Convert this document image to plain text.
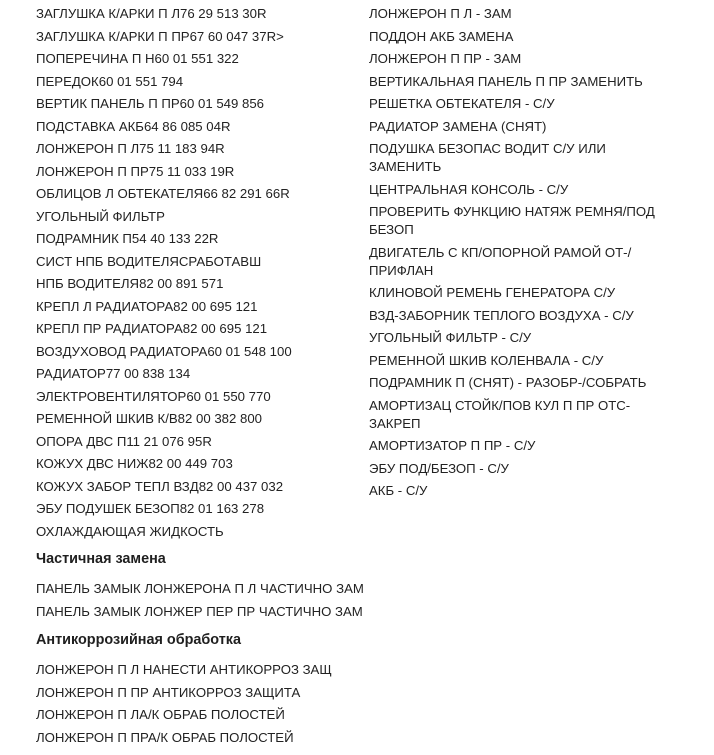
ЗАГЛУШКА К/АРКИ П Л76 29 513 30R
ЗАГЛУШКА К/АРКИ П ПР67 60 047 37R>
ПОПЕРЕЧИНА П Н60 01 551 322
ПЕРЕДОК60 01 551 794
ВЕРТИК ПАНЕЛЬ П ПР60 01 549 856
ПОДСТАВКА АКБ64 86 085 04R
ЛОНЖЕРОН П Л75 11 183 94R
ЛОНЖЕРОН П ПР75 11 033 19R
ОБЛИЦОВ Л ОБТЕКАТЕЛЯ66 82 291 66R
УГОЛЬНЫЙ ФИЛЬТР
ПОДРАМНИК П54 40 133 22R
СИСТ НПБ ВОДИТЕЛЯСРАБОТАВШ
НПБ ВОДИТЕЛЯ82 00 891 571
КРЕПЛ Л РАДИАТОРА82 00 695 121
КРЕПЛ ПР РАДИАТОРА82 00 695 121
ВОЗДУХОВОД РАДИАТОРА60 01 548 100
РАДИАТОР77 00 838 134
ЭЛЕКТРОВЕНТИЛЯТОР60 01 550 770
РЕМЕННОЙ ШКИВ К/В82 00 382 800
ОПОРА ДВС П11 21 076 95R
КОЖУХ ДВС НИЖ82 00 449 703
КОЖУХ ЗАБОР ТЕПЛ ВЗД82 00 437 032
ЭБУ ПОДУШЕК БЕЗОП82 01 163 278
ОХЛАЖДАЮЩАЯ ЖИДКОСТЬ
ЛОНЖЕРОН П Л - ЗАМ
ПОДДОН АКБ ЗАМЕНА
ЛОНЖЕРОН П ПР - ЗАМ
ВЕРТИКАЛЬНАЯ ПАНЕЛЬ П ПР ЗАМЕНИТЬ
РЕШЕТКА ОБТЕКАТЕЛЯ - С/У
РАДИАТОР ЗАМЕНА (СНЯТ)
ПОДУШКА БЕЗОПАС ВОДИТ С/У ИЛИ ЗАМЕНИТЬ
ЦЕНТРАЛЬНАЯ КОНСОЛЬ - С/У
ПРОВЕРИТЬ ФУНКЦИЮ НАТЯЖ РЕМНЯ/ПОД БЕЗОП
ДВИГАТЕЛЬ С КП/ОПОРНОЙ РАМОЙ ОТ-/ПРИФЛАН
КЛИНОВОЙ РЕМЕНЬ ГЕНЕРАТОРА С/У
ВЗД-ЗАБОРНИК ТЕПЛОГО ВОЗДУХА - С/У
УГОЛЬНЫЙ ФИЛЬТР - С/У
РЕМЕННОЙ ШКИВ КОЛЕНВАЛА - С/У
ПОДРАМНИК П (СНЯТ) - РАЗОБР-/СОБРАТЬ
АМОРТИЗАЦ СТОЙК/ПОВ КУЛ П ПР ОТС-ЗАКРЕП
АМОРТИЗАТОР П ПР - С/У
ЭБУ ПОД/БЕЗОП - С/У
АКБ - С/У
Частичная замена
ПАНЕЛЬ ЗАМЫК ЛОНЖЕРОНА П Л ЧАСТИЧНО ЗАМ
ПАНЕЛЬ ЗАМЫК ЛОНЖЕР ПЕР ПР ЧАСТИЧНО ЗАМ
Антикоррозийная обработка
ЛОНЖЕРОН П Л НАНЕСТИ АНТИКОРРОЗ ЗАЩ
ЛОНЖЕРОН П ПР АНТИКОРРОЗ ЗАЩИТА
ЛОНЖЕРОН П ЛА/К ОБРАБ ПОЛОСТЕЙ
ЛОНЖЕРОН П ПРА/К ОБРАБ ПОЛОСТЕЙ
